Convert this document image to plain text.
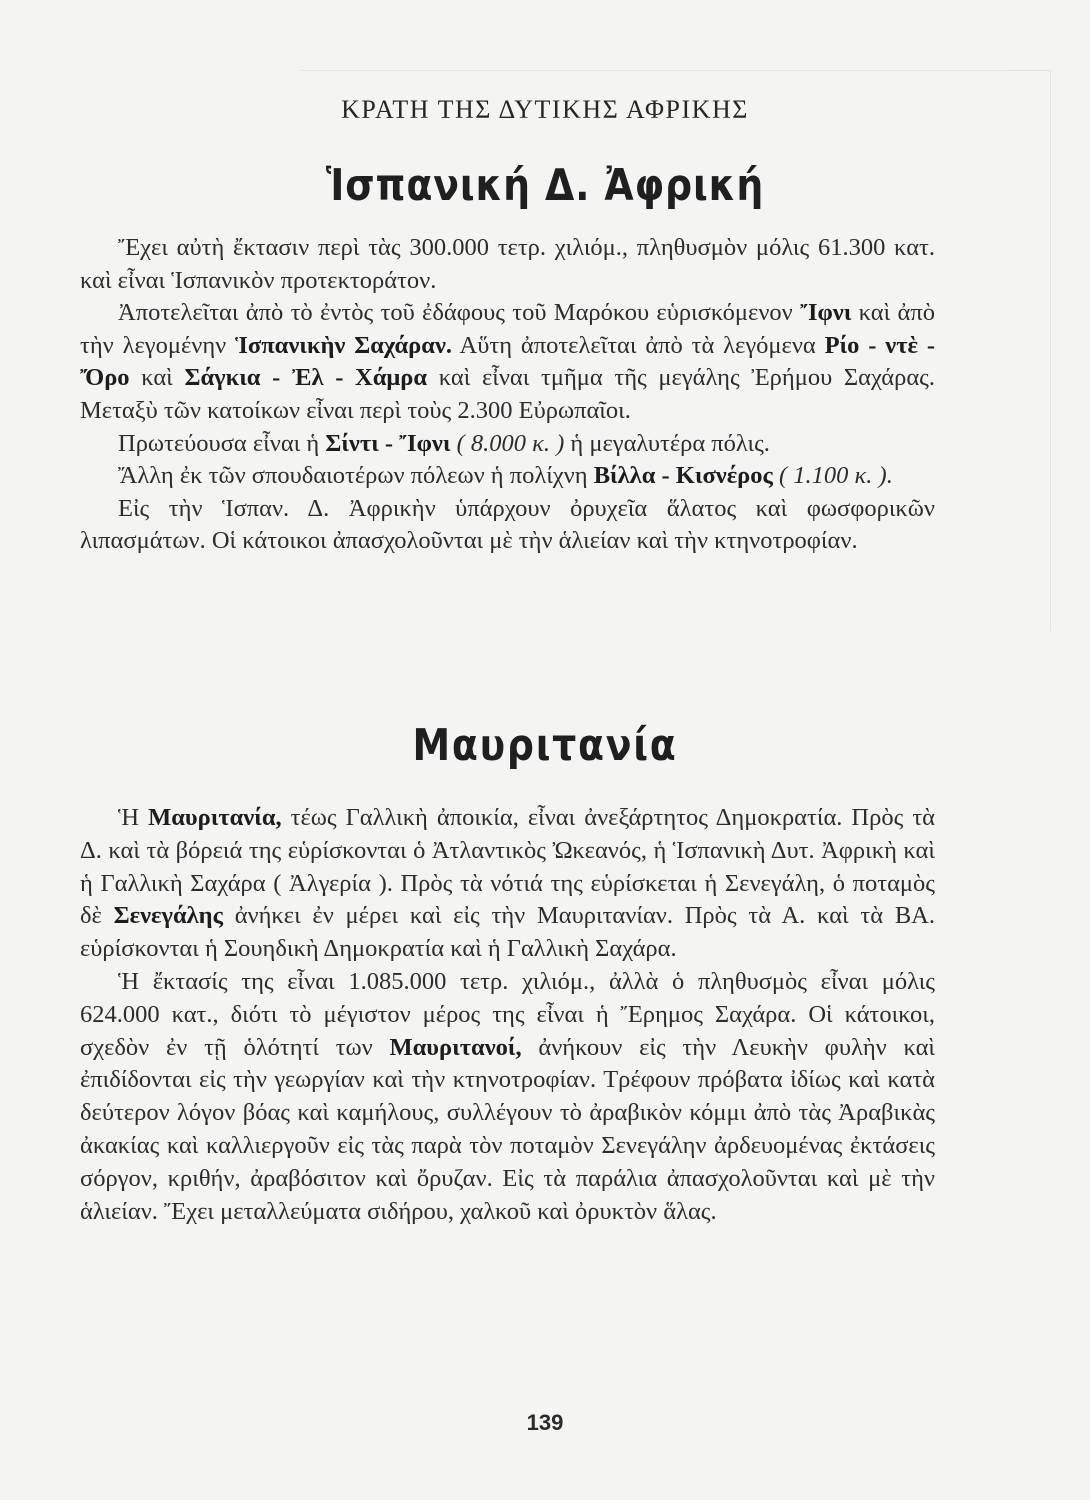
ΚΡΑΤΗ ΤΗΣ ΔΥΤΙΚΗΣ ΑΦΡΙΚΗΣ
Ἱσπανική Δ. Ἀφρική

Ἔχει αὐτὴ ἔκτασιν περὶ τὰς 300.000 τετρ. χιλιόμ., πληθυσμὸν μόλις 61.300 κατ. καὶ εἶναι Ἱσπανικὸν προτεκτοράτον.

Ἀποτελεῖται ἀπὸ τὸ ἐντὸς τοῦ ἐδάφους τοῦ Μαρόκου εὑρισκόμενον Ἴφνι καὶ ἀπὸ τὴν λεγομένην Ἱσπανικὴν Σαχάραν. Αὕτη ἀποτελεῖται ἀπὸ τὰ λεγόμενα Ρίο - ντὲ - Ὄρο καὶ Σάγκια - Ἐλ - Χάμρα καὶ εἶναι τμῆμα τῆς μεγάλης Ἐρήμου Σαχάρας. Μεταξὺ τῶν κατοίκων εἶναι περὶ τοὺς 2.300 Εὐρωπαῖοι.

Πρωτεύουσα εἶναι ἡ Σίντι - Ἴφνι ( 8.000 κ. ) ἡ μεγαλυτέρα πόλις.

Ἄλλη ἐκ τῶν σπουδαιοτέρων πόλεων ἡ πολίχνη Βίλλα - Κισνέρος ( 1.100 κ. ).

Εἰς τὴν Ἱσπαν. Δ. Ἀφρικὴν ὑπάρχουν ὀρυχεῖα ἅλατος καὶ φωσφορικῶν λιπασμάτων. Οἱ κάτοικοι ἀπασχολοῦνται μὲ τὴν ἁλιείαν καὶ τὴν κτηνοτροφίαν.

Μαυριτανία

Ἡ Μαυριτανία, τέως Γαλλικὴ ἀποικία, εἶναι ἀνεξάρτητος Δημοκρατία. Πρὸς τὰ Δ. καὶ τὰ βόρειά της εὑρίσκονται ὁ Ἀτλαντικὸς Ὠκεανός, ἡ Ἱσπανικὴ Δυτ. Ἀφρικὴ καὶ ἡ Γαλλικὴ Σαχάρα ( Ἀλγερία ). Πρὸς τὰ νότιά της εὑρίσκεται ἡ Σενεγάλη, ὁ ποταμὸς δὲ Σενεγάλης ἀνήκει ἐν μέρει καὶ εἰς τὴν Μαυριτανίαν. Πρὸς τὰ Α. καὶ τὰ ΒΑ. εὑρίσκονται ἡ Σουηδικὴ Δημοκρατία καὶ ἡ Γαλλικὴ Σαχάρα.

Ἡ ἔκτασίς της εἶναι 1.085.000 τετρ. χιλιόμ., ἀλλὰ ὁ πληθυσμὸς εἶναι μόλις 624.000 κατ., διότι τὸ μέγιστον μέρος της εἶναι ἡ Ἔρημος Σαχάρα. Οἱ κάτοικοι, σχεδὸν ἐν τῇ ὁλότητί των Μαυριτανοί, ἀνήκουν εἰς τὴν Λευκὴν φυλὴν καὶ ἐπιδίδονται εἰς τὴν γεωργίαν καὶ τὴν κτηνοτροφίαν. Τρέφουν πρόβατα ἰδίως καὶ κατὰ δεύτερον λόγον βόας καὶ καμήλους, συλλέγουν τὸ ἀραβικὸν κόμμι ἀπὸ τὰς Ἀραβικὰς ἀκακίας καὶ καλλιεργοῦν εἰς τὰς παρὰ τὸν ποταμὸν Σενεγάλην ἀρδευομένας ἐκτάσεις σόργον, κριθήν, ἀραβόσιτον καὶ ὄρυζαν. Εἰς τὰ παράλια ἀπασχολοῦνται καὶ μὲ τὴν ἁλιείαν. Ἔχει μεταλλεύματα σιδήρου, χαλκοῦ καὶ ὀρυκτὸν ἅλας.

139
